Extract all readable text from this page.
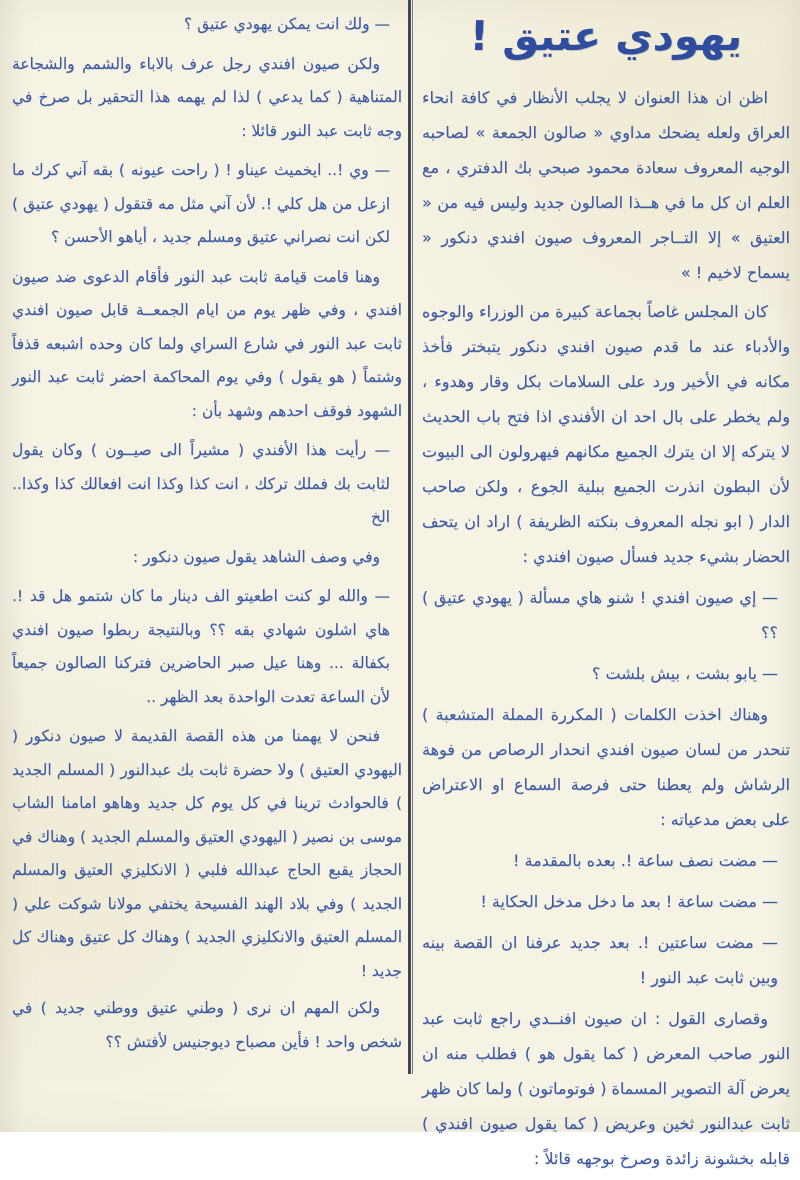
يهودي عتيق !

اظن ان هذا العنوان لا يجلب الأنظار في كافة انحاء العراق ولعله يضحك مداوي « صالون الجمعة » لصاحبه الوجيه المعروف سعادة محمود صبحي بك الدفتري ، مع العلم ان كل ما في هــذا الصالون جديد وليس فيه من « العتيق » إلا التــاجر المعروف صيون افندي دنكور « يسماح لاخيم ! »

كان المجلس غاصاً بجماعة كبيرة من الوزراء والوجوه والأدباء عند ما قدم صيون افندي دنكور يتبختر فأخذ مكانه في الأخير ورد على السلامات بكل وقار وهدوء ، ولم يخطر على بال احد ان الأفندي اذا فتح باب الحديث لا يتركه إلا ان يترك الجميع مكانهم فيهرولون الى البيوت لأن البطون انذرت الجميع ببلية الجوع ، ولكن صاحب الدار ( ابو نجله المعروف بنكته الظريفة ) اراد ان يتحف الحضار بشيء جديد فسأل صيون افندي :

— إي صيون افندي ! شنو هاي مسألة ( يهودي عتيق ) ؟؟

— يابو بشت ، بيش بلشت ؟

وهناك اخذت الكلمات ( المكررة المملة المتشعبة ) تنحدر من لسان صيون افندي انحدار الرصاص من فوهة الرشاش ولم يعطنا حتى فرصة السماع او الاعتراض على بعض مدعياته :

— مضت نصف ساعة !. بعده بالمقدمة !

— مضت ساعة ! بعد ما دخل مدخل الحكاية !

— مضت ساعتين !. بعد جديد عرفنا ان القصة بينه وبين ثابت عبد النور !

وقصارى القول : ان صيون افنــدي راجع ثابت عبد النور صاحب المعرض ( كما يقول هو ) فطلب منه ان يعرض آلة التصوير المسماة ( فوتوماتون ) ولما كان ظهر ثابت عبدالنور ثخين وعريض ( كما يقول صيون افندي ) قابله بخشونة زائدة وصرخ بوجهه قائلاً :

— ولك انت يمكن يهودي عتيق ؟

ولكن صيون افندي رجل عرف بالاباء والشمم والشجاعة المتناهية ( كما يدعي ) لذا لم يهمه هذا التحقير بل صرخ في وجه ثابت عبد النور قائلا :

— وي !.. ايخميث عيناو ! ( راحت عيونه ) بقه آني كرك ما ازعل من هل كلي !. لأن آني مثل مه قتقول ( يهودي عتيق ) لكن انت نصراني عتيق ومسلم جديد ، أياهو الأحسن ؟

وهنا قامت قيامة ثابت عبد النور فأقام الدعوى ضد صيون افندي ، وفي ظهر يوم من ايام الجمعــة قابل صيون افندي ثابت عبد النور في شارع السراي ولما كان وحده اشبعه قذفاً وشتماً ( هو يقول ) وفي يوم المحاكمة احضر ثابت عبد النور الشهود فوقف احدهم وشهد بأن :

— رأيت هذا الأفندي ( مشيراً الى صيــون ) وكان يقول لثابت بك فملك تركك ، انت كذا وكذا انت افعالك كذا وكذا.. الخ

وفي وصف الشاهد يقول صيون دنكور :

— والله لو كنت اطعيتو الف دينار ما كان شتمو هل قد !. هاي اشلون شهادي بقه ؟؟ وبالنتيجة ربطوا صيون افندي بكفالة ... وهنا عيل صبر الحاضرين فتركنا الصالون جميعاً لأن الساعة تعدت الواحدة بعد الظهر ..

فنحن لا يهمنا من هذه القصة القديمة لا صيون دنكور ( اليهودي العتيق ) ولا حضرة ثابت بك عبدالنور ( المسلم الجديد ) فالحوادث ترينا في كل يوم كل جديد وهاهو امامنا الشاب موسى بن نصير ( اليهودي العتيق والمسلم الجديد ) وهناك في الحجاز يقبع الحاج عبدالله فلبي ( الانكليزي العتيق والمسلم الجديد ) وفي بلاد الهند الفسيحة يختفي مولانا شوكت علي ( المسلم العتيق والانكليزي الجديد ) وهناك كل عتيق وهناك كل جديد !

ولكن المهم ان نرى ( وطني عتيق ووطني جديد ) في شخص واحد ! فأين مصباح ديوجنيس لأفتش ؟؟
